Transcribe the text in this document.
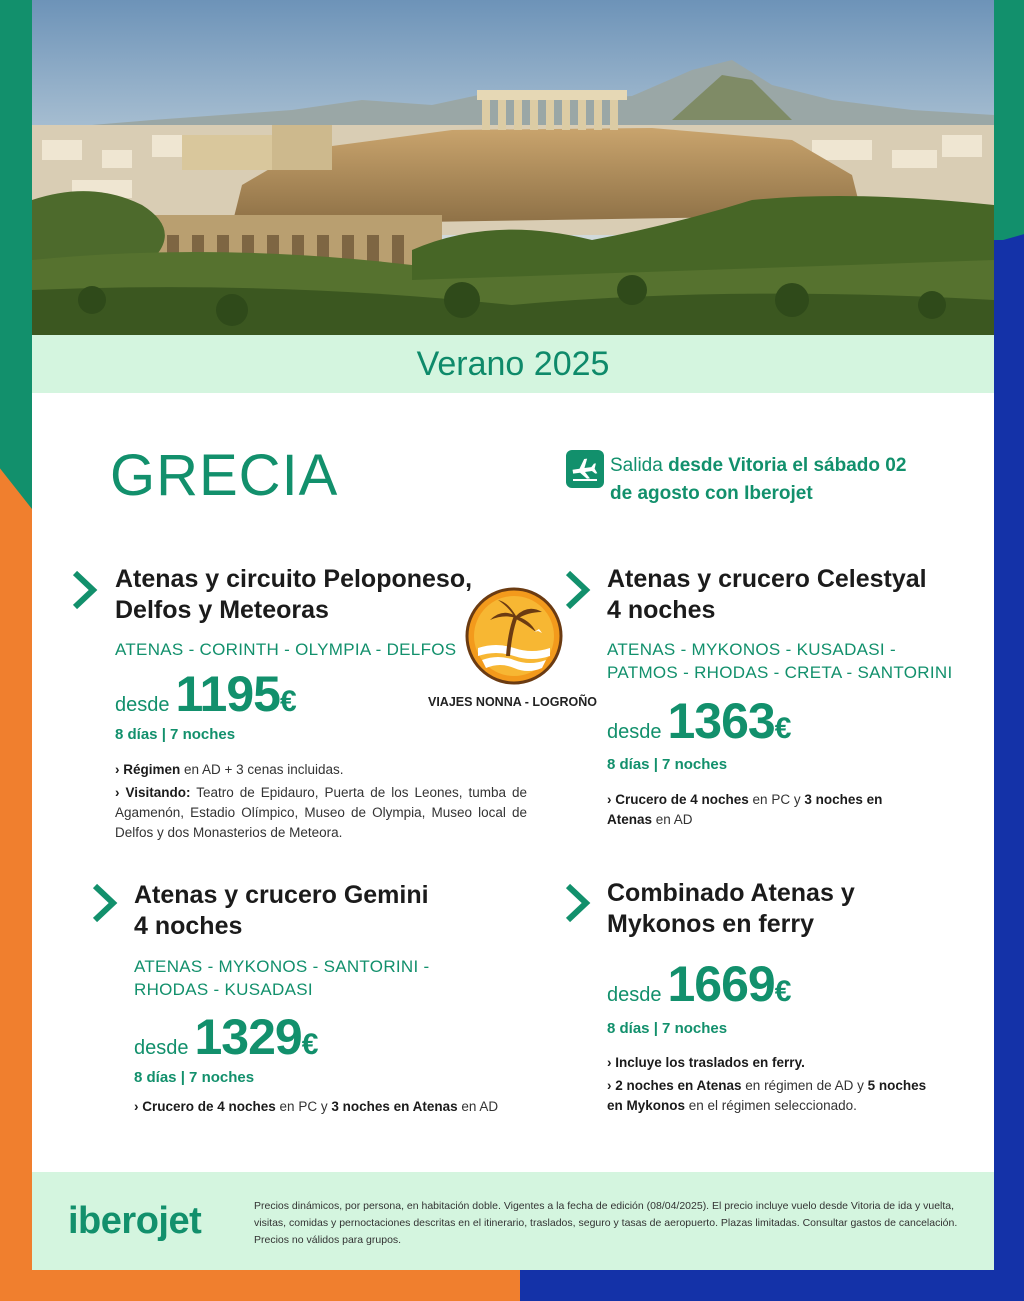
Verano 2025
GRECIA	Salida desde Vitoria el sábado 02
de agosto con Iberojet
VIAJES NONNA - LOGROÑO
Atenas y circuito Peloponeso,
Delfos y Meteoras
ATENAS - CORINTH - OLYMPIA - DELFOS
desde 1195 €
8 días | 7 noches
› Régimen en AD + 3 cenas incluidas.
› Visitando: Teatro de Epidauro, Puerta de los Leones, tumba de Agamenón, Estadio Olímpico, Museo de Olympia, Museo local de Delfos y dos Monasterios de Meteora.
Atenas y crucero Celestyal
4 noches
ATENAS - MYKONOS - KUSADASI -
PATMOS - RHODAS - CRETA - SANTORINI
desde 1363 €
8 días | 7 noches
› Crucero de 4 noches en PC y 3 noches en
Atenas en AD
Atenas y crucero Gemini
4 noches
ATENAS - MYKONOS - SANTORINI -
RHODAS - KUSADASI
desde 1329 €
8 días | 7 noches
› Crucero de 4 noches en PC y 3 noches en Atenas en AD
Combinado Atenas y
Mykonos en ferry
desde 1669 €
8 días | 7 noches
› Incluye los traslados en ferry.
› 2 noches en Atenas en régimen de AD y 5 noches
en Mykonos en el régimen seleccionado.
iberojet	Precios dinámicos, por persona, en habitación doble. Vigentes a la fecha de edición (08/04/2025). El precio incluye vuelo desde Vitoria de ida y vuelta, visitas, comidas y pernoctaciones descritas en el itinerario, traslados, seguro y tasas de aeropuerto. Plazas limitadas. Consultar gastos de cancelación. Precios no válidos para grupos.
